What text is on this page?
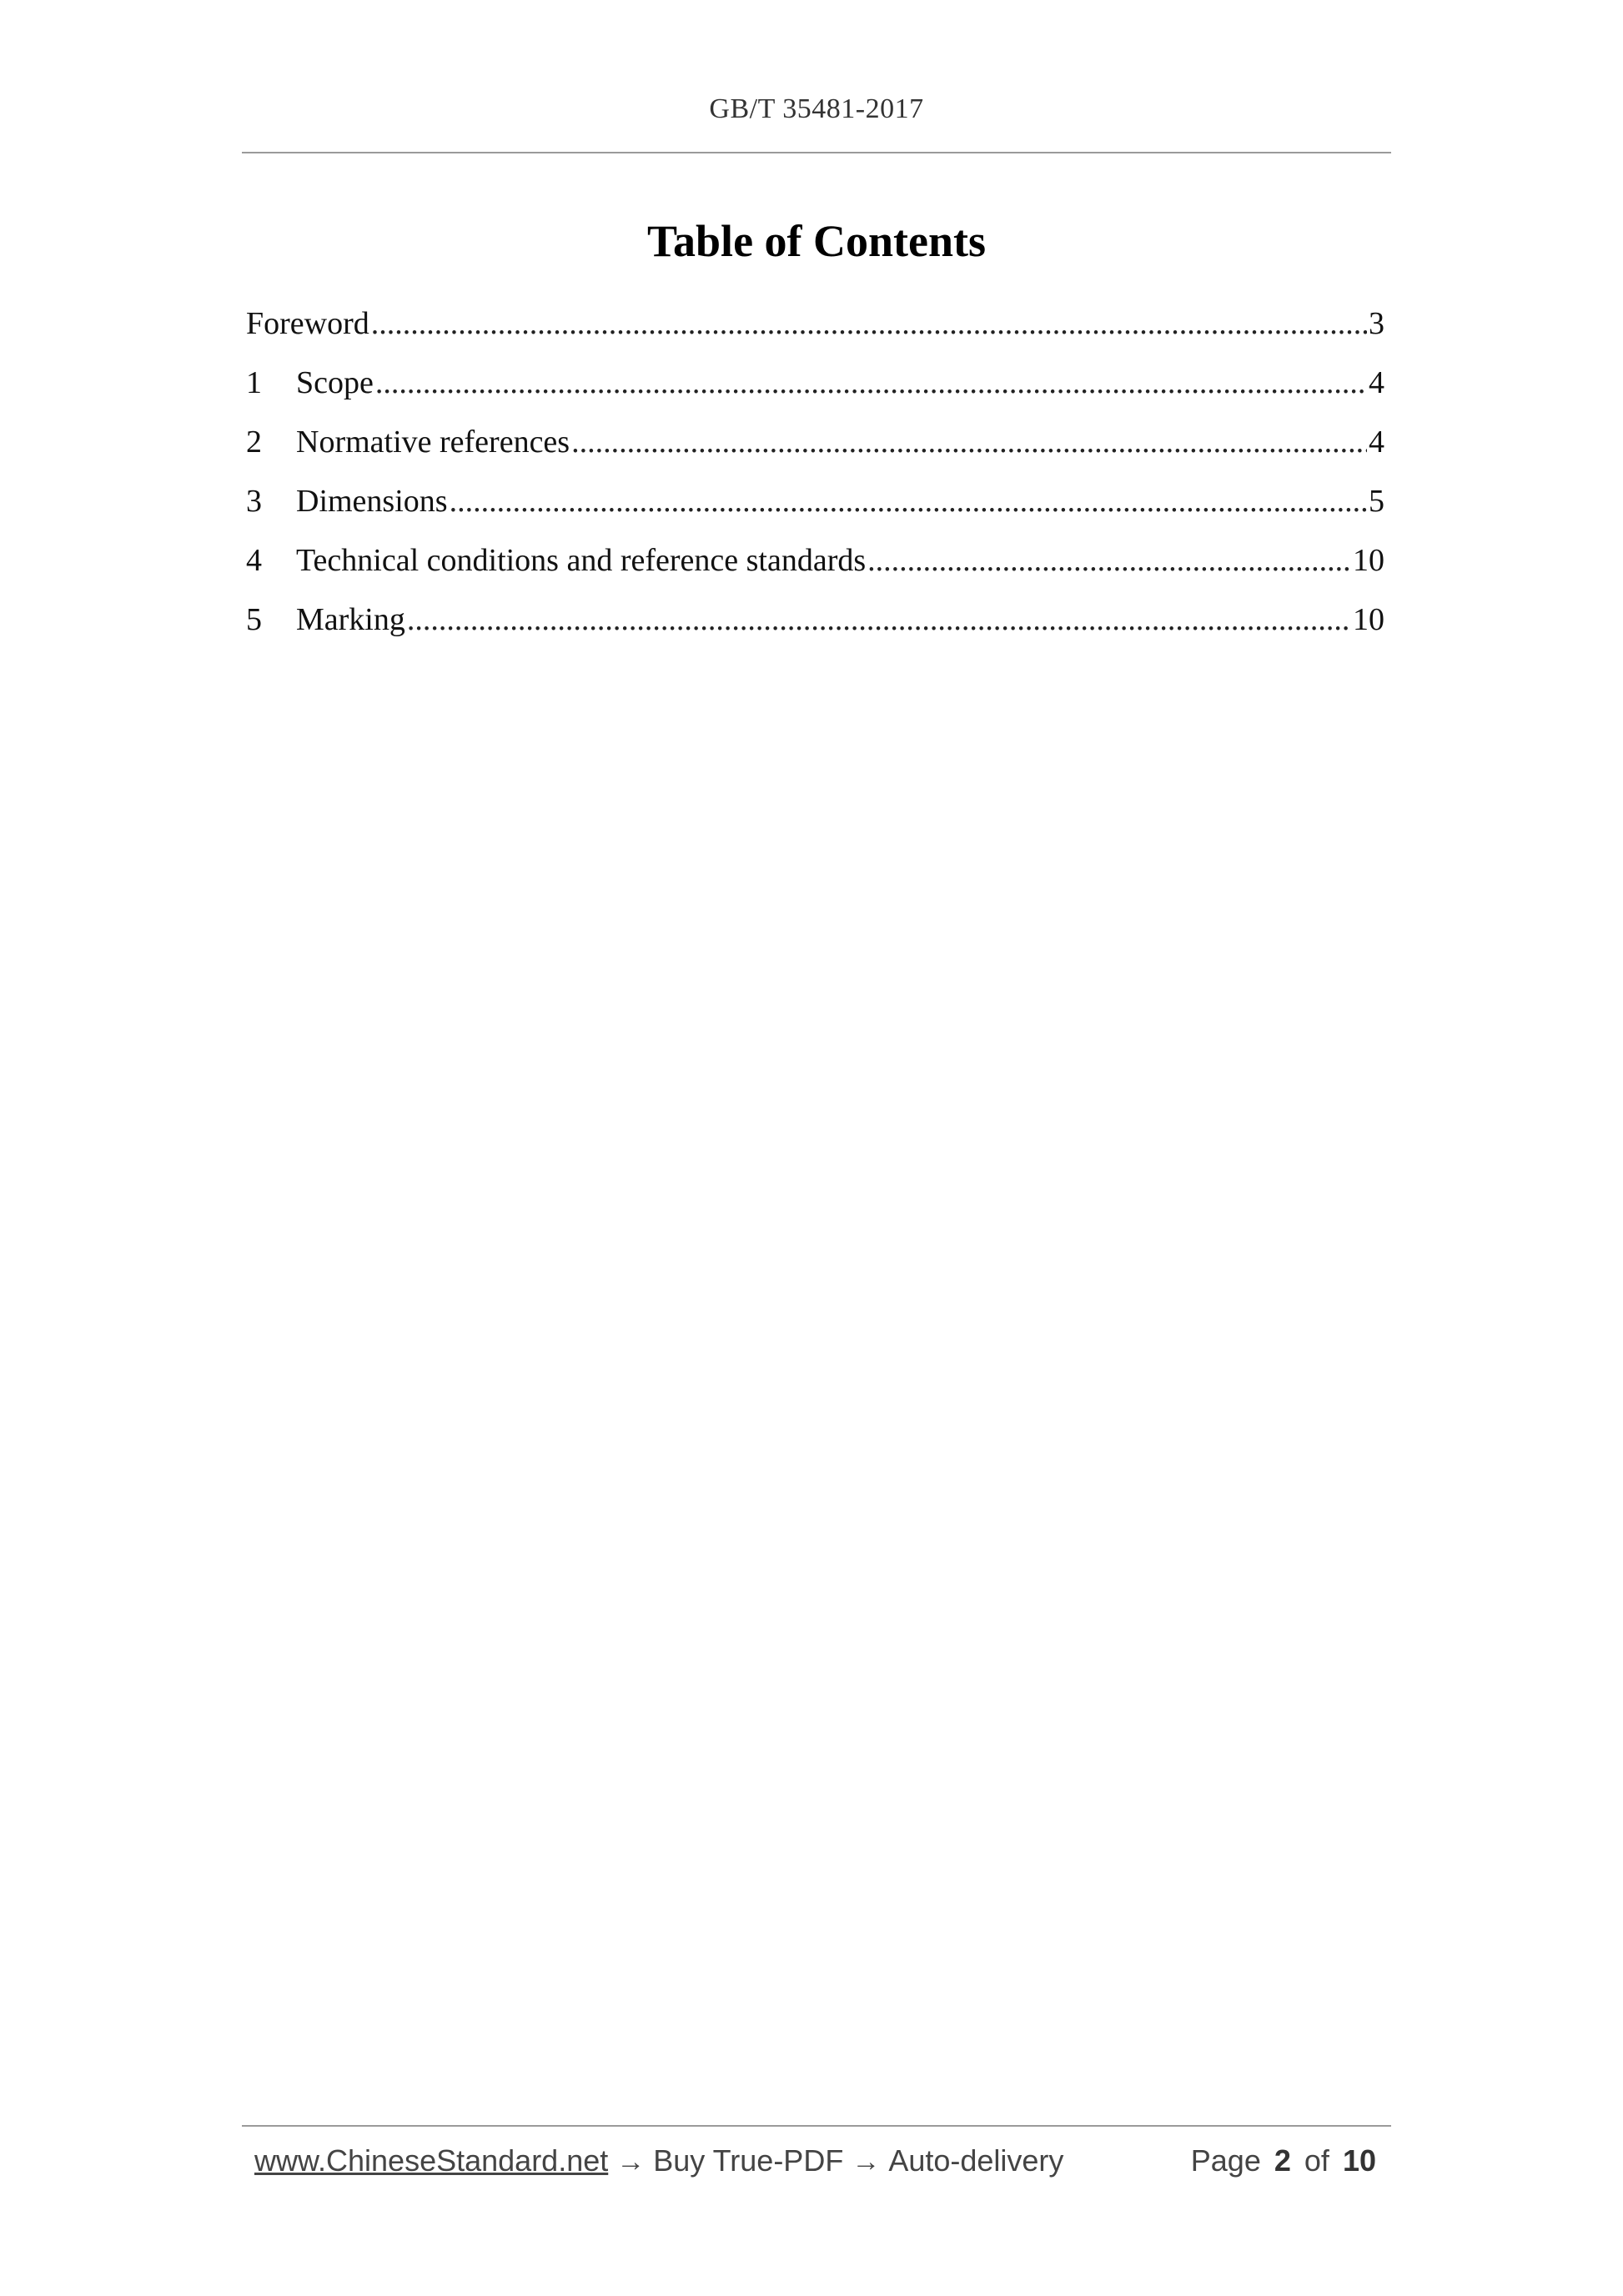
GB/T 35481-2017
Table of Contents
Foreword .....	3
1	Scope .....	4
2	Normative references .....	4
3	Dimensions .....	5
4	Technical conditions and reference standards .....	10
5	Marking .....	10
www.ChineseStandard.net → Buy True-PDF → Auto-delivery	Page 2 of 10
